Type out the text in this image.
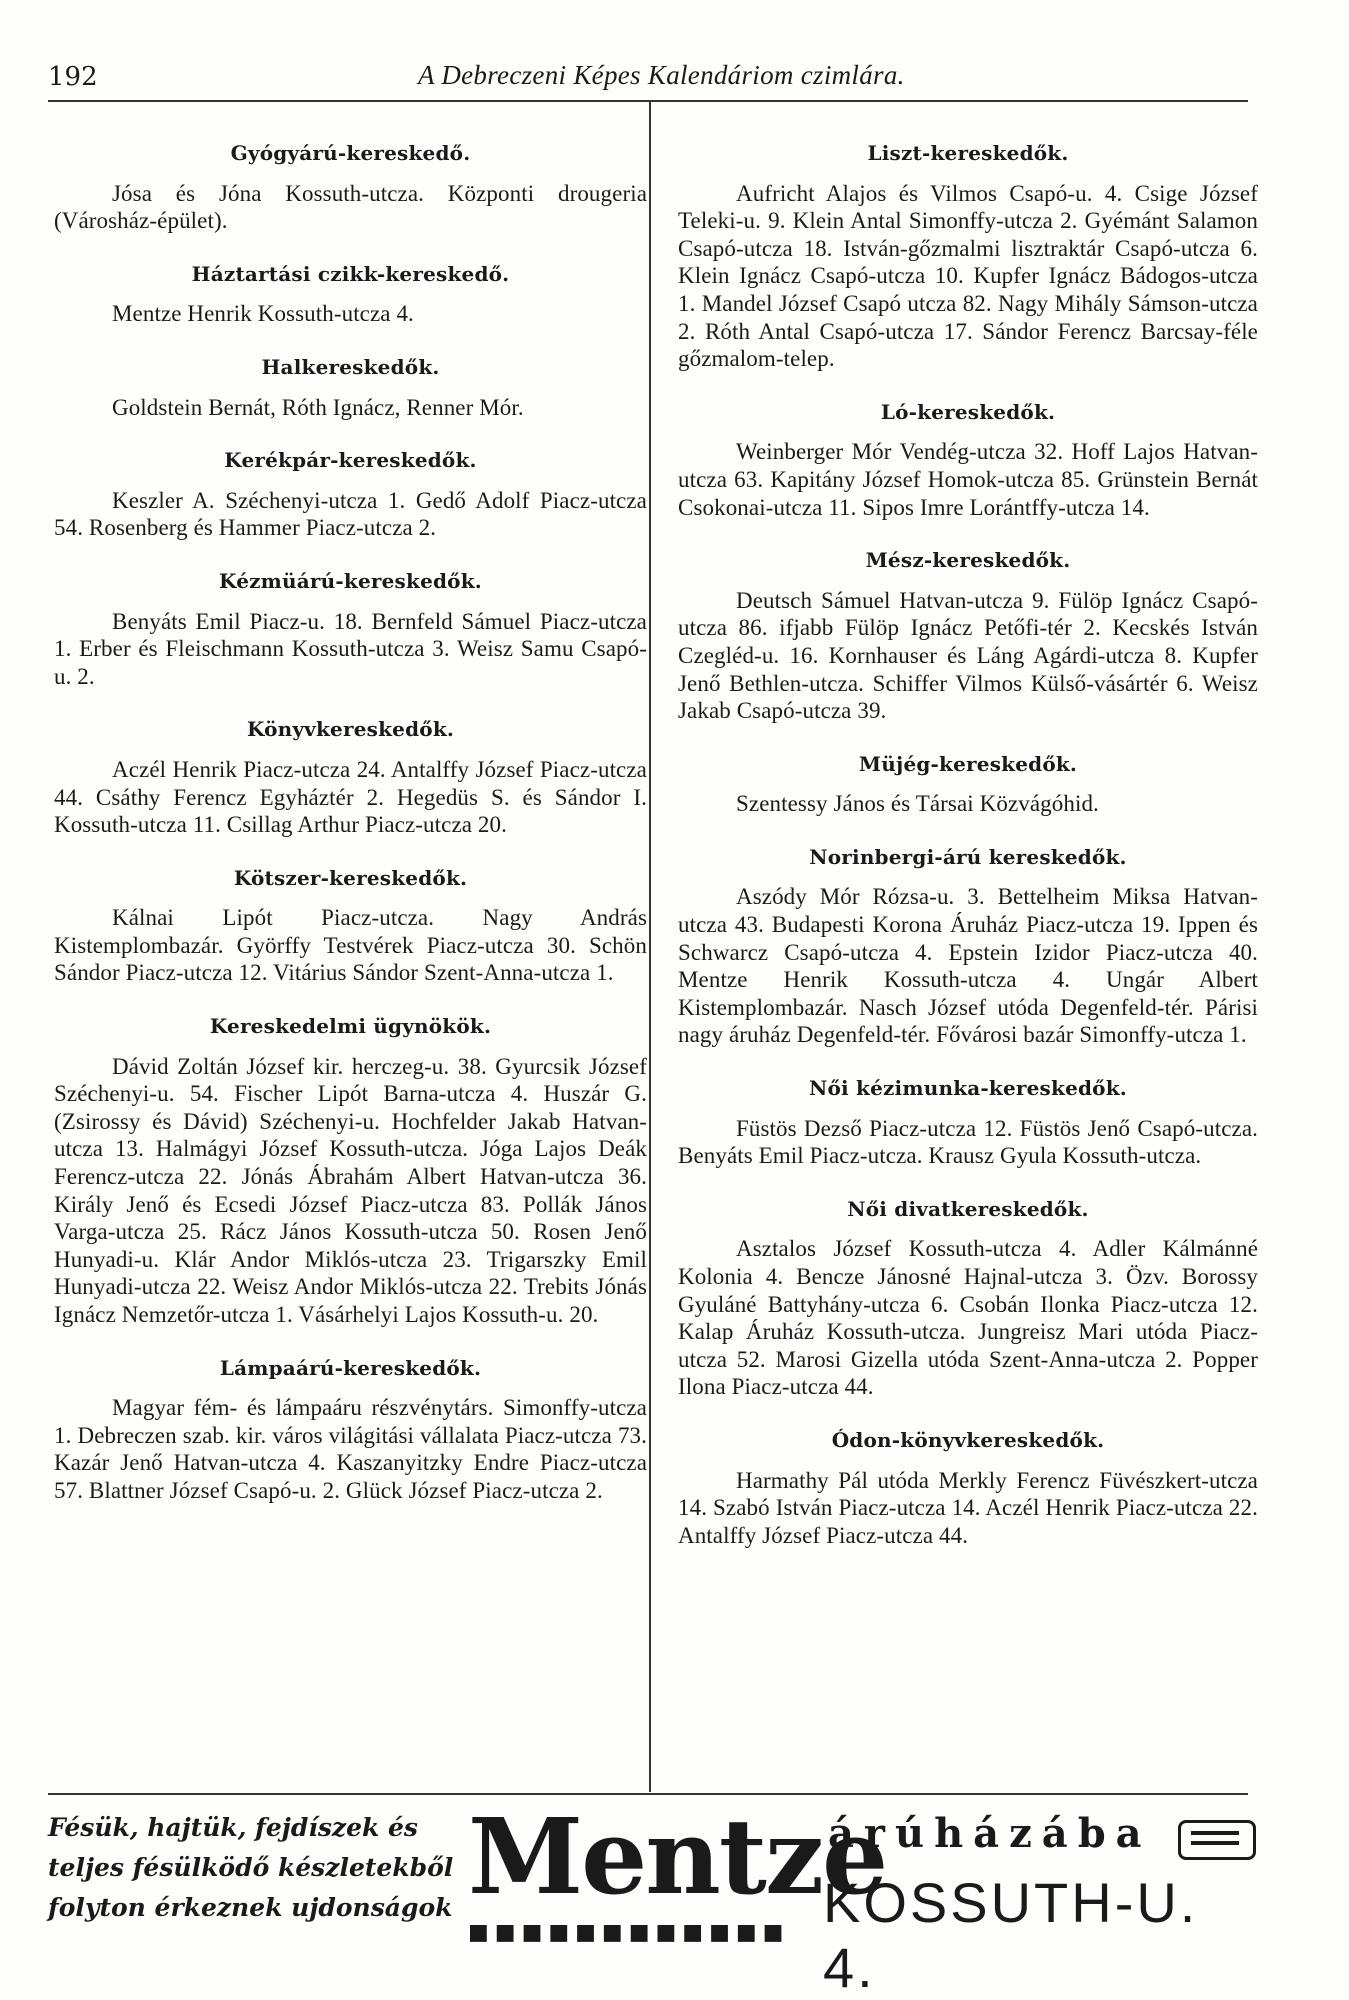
192	A Debreczeni Képes Kalendáriom czimlára.
Gyógyárú-kereskedő.

Jósa és Jóna Kossuth-utcza. Központi drougeria (Városház-épület).

Háztartási czikk-kereskedő.

Mentze Henrik Kossuth-utcza 4.

Halkereskedők.

Goldstein Bernát, Róth Ignácz, Renner Mór.

Kerékpár-kereskedők.

Keszler A. Széchenyi-utcza 1. Gedő Adolf Piacz-utcza 54. Rosenberg és Hammer Piacz-utcza 2.

Kézmüárú-kereskedők.

Benyáts Emil Piacz-u. 18. Bernfeld Sámuel Piacz-utcza 1. Erber és Fleischmann Kossuth-utcza 3. Weisz Samu Csapó-u. 2.

Könyvkereskedők.

Aczél Henrik Piacz-utcza 24. Antalffy József Piacz-utcza 44. Csáthy Ferencz Egyháztér 2. Hegedüs S. és Sándor I. Kossuth-utcza 11. Csillag Arthur Piacz-utcza 20.

Kötszer-kereskedők.

Kálnai Lipót Piacz-utcza. Nagy András Kistemplombazár. Györffy Testvérek Piacz-utcza 30. Schön Sándor Piacz-utcza 12. Vitárius Sándor Szent-Anna-utcza 1.

Kereskedelmi ügynökök.

Dávid Zoltán József kir. herczeg-u. 38. Gyurcsik József Széchenyi-u. 54. Fischer Lipót Barna-utcza 4. Huszár G. (Zsirossy és Dávid) Széchenyi-u. Hochfelder Jakab Hatvan-utcza 13. Halmágyi József Kossuth-utcza. Jóga Lajos Deák Ferencz-utcza 22. Jónás Ábrahám Albert Hatvan-utcza 36. Király Jenő és Ecsedi József Piacz-utcza 83. Pollák János Varga-utcza 25. Rácz János Kossuth-utcza 50. Rosen Jenő Hunyadi-u. Klár Andor Miklós-utcza 23. Trigarszky Emil Hunyadi-utcza 22. Weisz Andor Miklós-utcza 22. Trebits Jónás Ignácz Nemzetőr-utcza 1. Vásárhelyi Lajos Kossuth-u. 20.

Lámpaárú-kereskedők.

Magyar fém- és lámpaáru részvénytárs. Simonffy-utcza 1. Debreczen szab. kir. város világitási vállalata Piacz-utcza 73. Kazár Jenő Hatvan-utcza 4. Kaszanyitzky Endre Piacz-utcza 57. Blattner József Csapó-u. 2. Glück József Piacz-utcza 2.

Liszt-kereskedők.

Aufricht Alajos és Vilmos Csapó-u. 4. Csige József Teleki-u. 9. Klein Antal Simonffy-utcza 2. Gyémánt Salamon Csapó-utcza 18. István-gőzmalmi lisztraktár Csapó-utcza 6. Klein Ignácz Csapó-utcza 10. Kupfer Ignácz Bádogos-utcza 1. Mandel József Csapó utcza 82. Nagy Mihály Sámson-utcza 2. Róth Antal Csapó-utcza 17. Sándor Ferencz Barcsay-féle gőzmalom-telep.

Ló-kereskedők.

Weinberger Mór Vendég-utcza 32. Hoff Lajos Hatvan-utcza 63. Kapitány József Homok-utcza 85. Grünstein Bernát Csokonai-utcza 11. Sipos Imre Lorántffy-utcza 14.

Mész-kereskedők.

Deutsch Sámuel Hatvan-utcza 9. Fülöp Ignácz Csapó-utcza 86. ifjabb Fülöp Ignácz Petőfi-tér 2. Kecskés István Czegléd-u. 16. Kornhauser és Láng Agárdi-utcza 8. Kupfer Jenő Bethlen-utcza. Schiffer Vilmos Külső-vásártér 6. Weisz Jakab Csapó-utcza 39.

Müjég-kereskedők.

Szentessy János és Társai Közvágóhid.

Norinbergi-árú kereskedők.

Aszódy Mór Rózsa-u. 3. Bettelheim Miksa Hatvan-utcza 43. Budapesti Korona Áruház Piacz-utcza 19. Ippen és Schwarcz Csapó-utcza 4. Epstein Izidor Piacz-utcza 40. Mentze Henrik Kossuth-utcza 4. Ungár Albert Kistemplombazár. Nasch József utóda Degenfeld-tér. Párisi nagy áruház Degenfeld-tér. Fővárosi bazár Simonffy-utcza 1.

Női kézimunka-kereskedők.

Füstös Dezső Piacz-utcza 12. Füstös Jenő Csapó-utcza. Benyáts Emil Piacz-utcza. Krausz Gyula Kossuth-utcza.

Női divatkereskedők.

Asztalos József Kossuth-utcza 4. Adler Kálmánné Kolonia 4. Bencze Jánosné Hajnal-utcza 3. Özv. Borossy Gyuláné Battyhány-utcza 6. Csobán Ilonka Piacz-utcza 12. Kalap Áruház Kossuth-utcza. Jungreisz Mari utóda Piacz-utcza 52. Marosi Gizella utóda Szent-Anna-utcza 2. Popper Ilona Piacz-utcza 44.

Ódon-könyvkereskedők.

Harmathy Pál utóda Merkly Ferencz Füvészkert-utcza 14. Szabó István Piacz-utcza 14. Aczél Henrik Piacz-utcza 22. Antalffy József Piacz-utcza 44.

Fésük, hajtük, fejdíszek és
teljes fésülködő készletekből
folyton érkeznek ujdonságok Mentze
■■■■■■■■■■■■
árúházába
KOSSUTH-U. 4.
